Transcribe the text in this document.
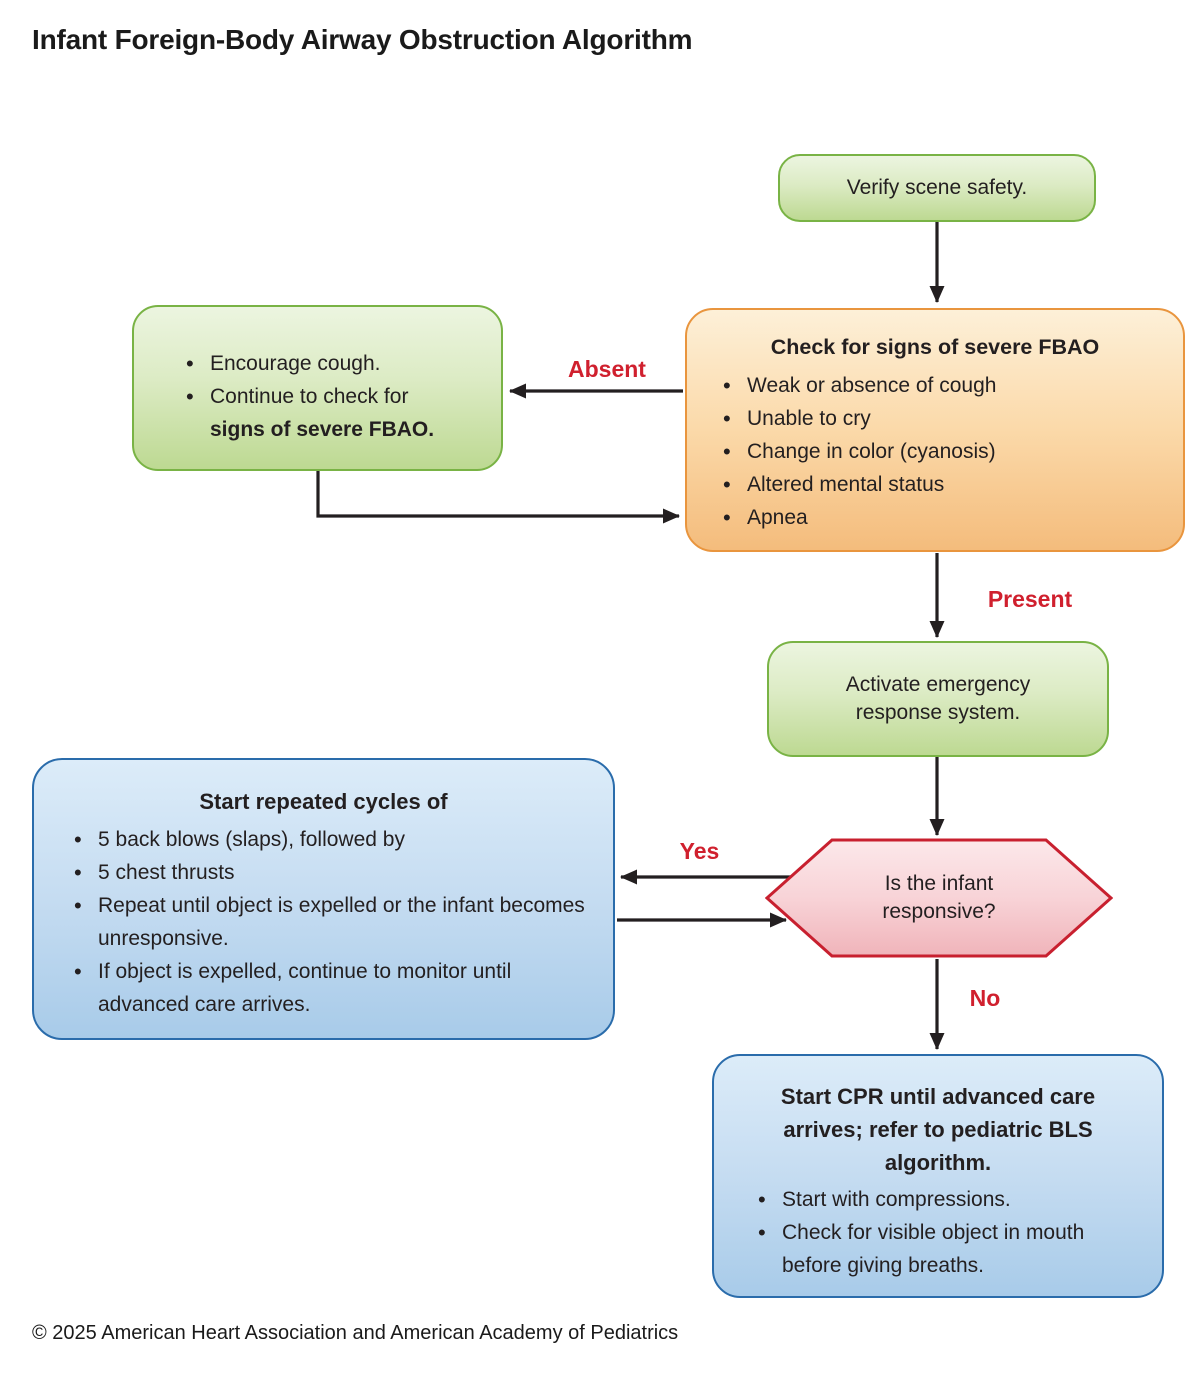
Infant Foreign-Body Airway Obstruction Algorithm
Verify scene safety.
Check for signs of severe FBAO
• Weak or absence of cough
• Unable to cry
• Change in color (cyanosis)
• Altered mental status
• Apnea
• Encourage cough.
• Continue to check for
signs of severe FBAO.
Activate emergency response system.
Is the infant responsive?
Start repeated cycles of
• 5 back blows (slaps), followed by
• 5 chest thrusts
• Repeat until object is expelled or the infant becomes unresponsive.
• If object is expelled, continue to monitor until advanced care arrives.
Start CPR until advanced care arrives; refer to pediatric BLS algorithm.
• Start with compressions.
• Check for visible object in mouth before giving breaths.
Absent
Present
Yes
No
© 2025 American Heart Association and American Academy of Pediatrics
